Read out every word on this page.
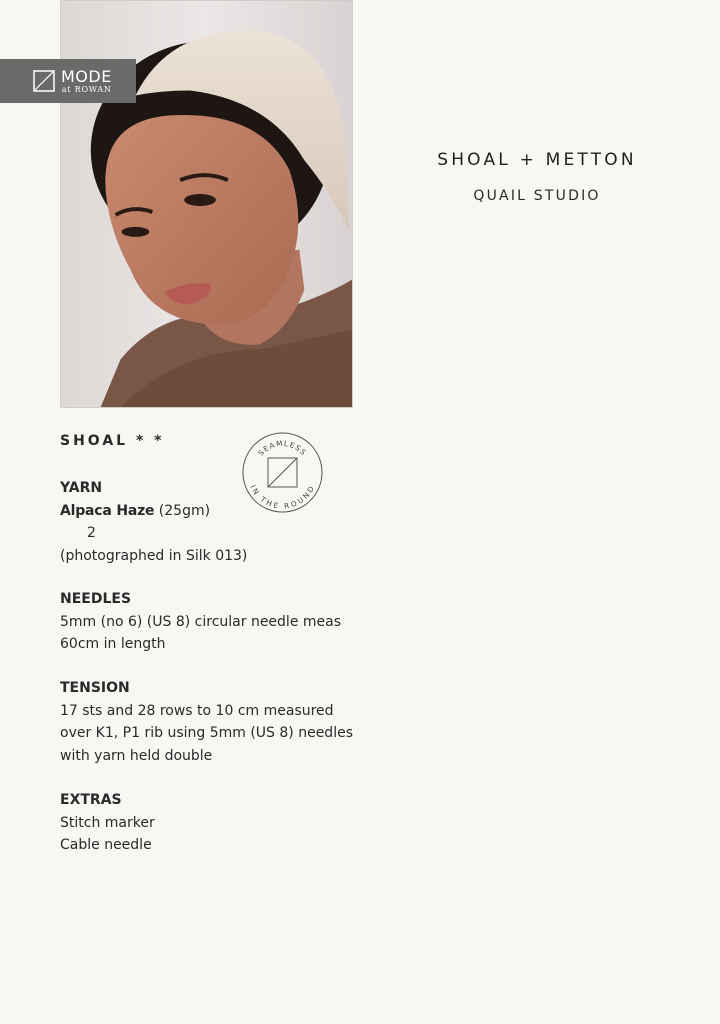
MODE
at ROWAN
SHOAL + METTON
QUAIL STUDIO
SHOAL * *
SEAMLESS
IN THE ROUND
YARN
Alpaca Haze (25gm)
2
(photographed in Silk 013)
NEEDLES
5mm (no 6) (US 8) circular needle meas
60cm in length
TENSION
17 sts and 28 rows to 10 cm measured
over K1, P1 rib using 5mm (US 8) needles
with yarn held double
EXTRAS
Stitch marker
Cable needle
